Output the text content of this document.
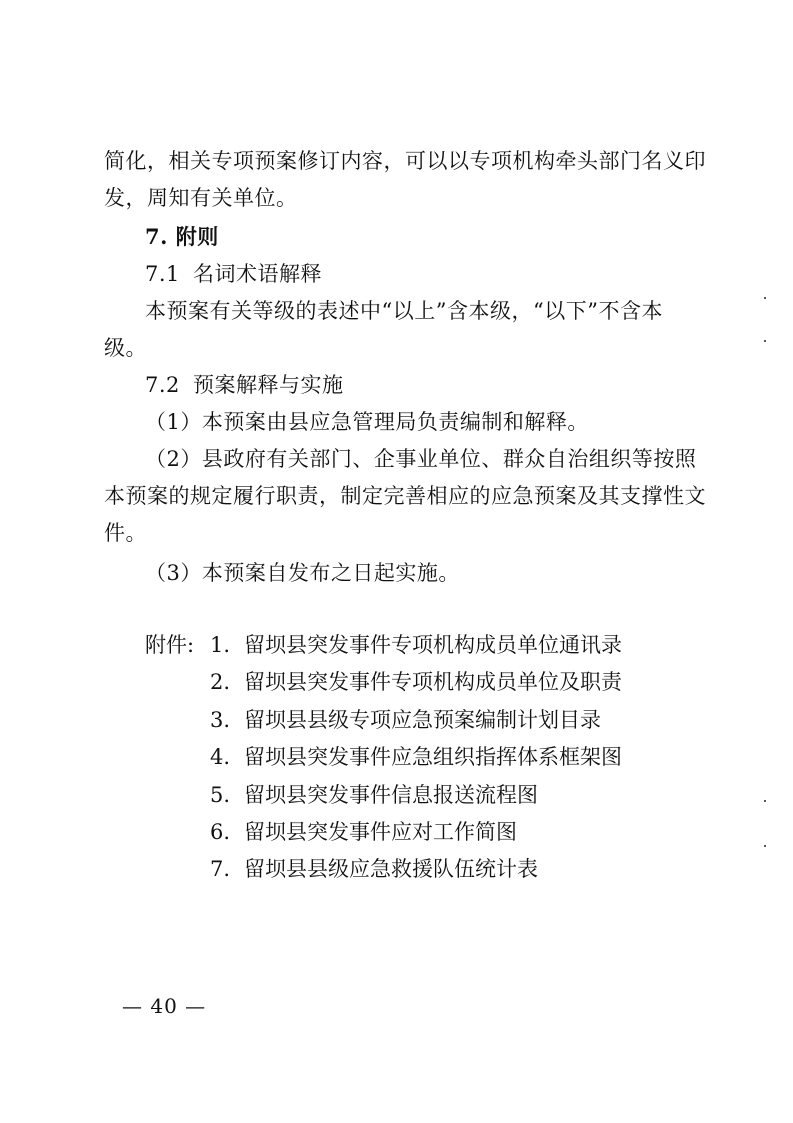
简化，相关专项预案修订内容，可以以专项机构牵头部门名义印
发，周知有关单位。
7. 附则
7.1 名词术语解释
本预案有关等级的表述中“以上”含本级，“以下”不含本
级。
7.2 预案解释与实施
（1）本预案由县应急管理局负责编制和解释。
（2）县政府有关部门、企事业单位、群众自治组织等按照
本预案的规定履行职责，制定完善相应的应急预案及其支撑性文
件。
（3）本预案自发布之日起实施。
附件: 1. 留坝县突发事件专项机构成员单位通讯录
2. 留坝县突发事件专项机构成员单位及职责
3. 留坝县县级专项应急预案编制计划目录
4. 留坝县突发事件应急组织指挥体系框架图
5. 留坝县突发事件信息报送流程图
6. 留坝县突发事件应对工作简图
7. 留坝县县级应急救援队伍统计表
— 40 —
